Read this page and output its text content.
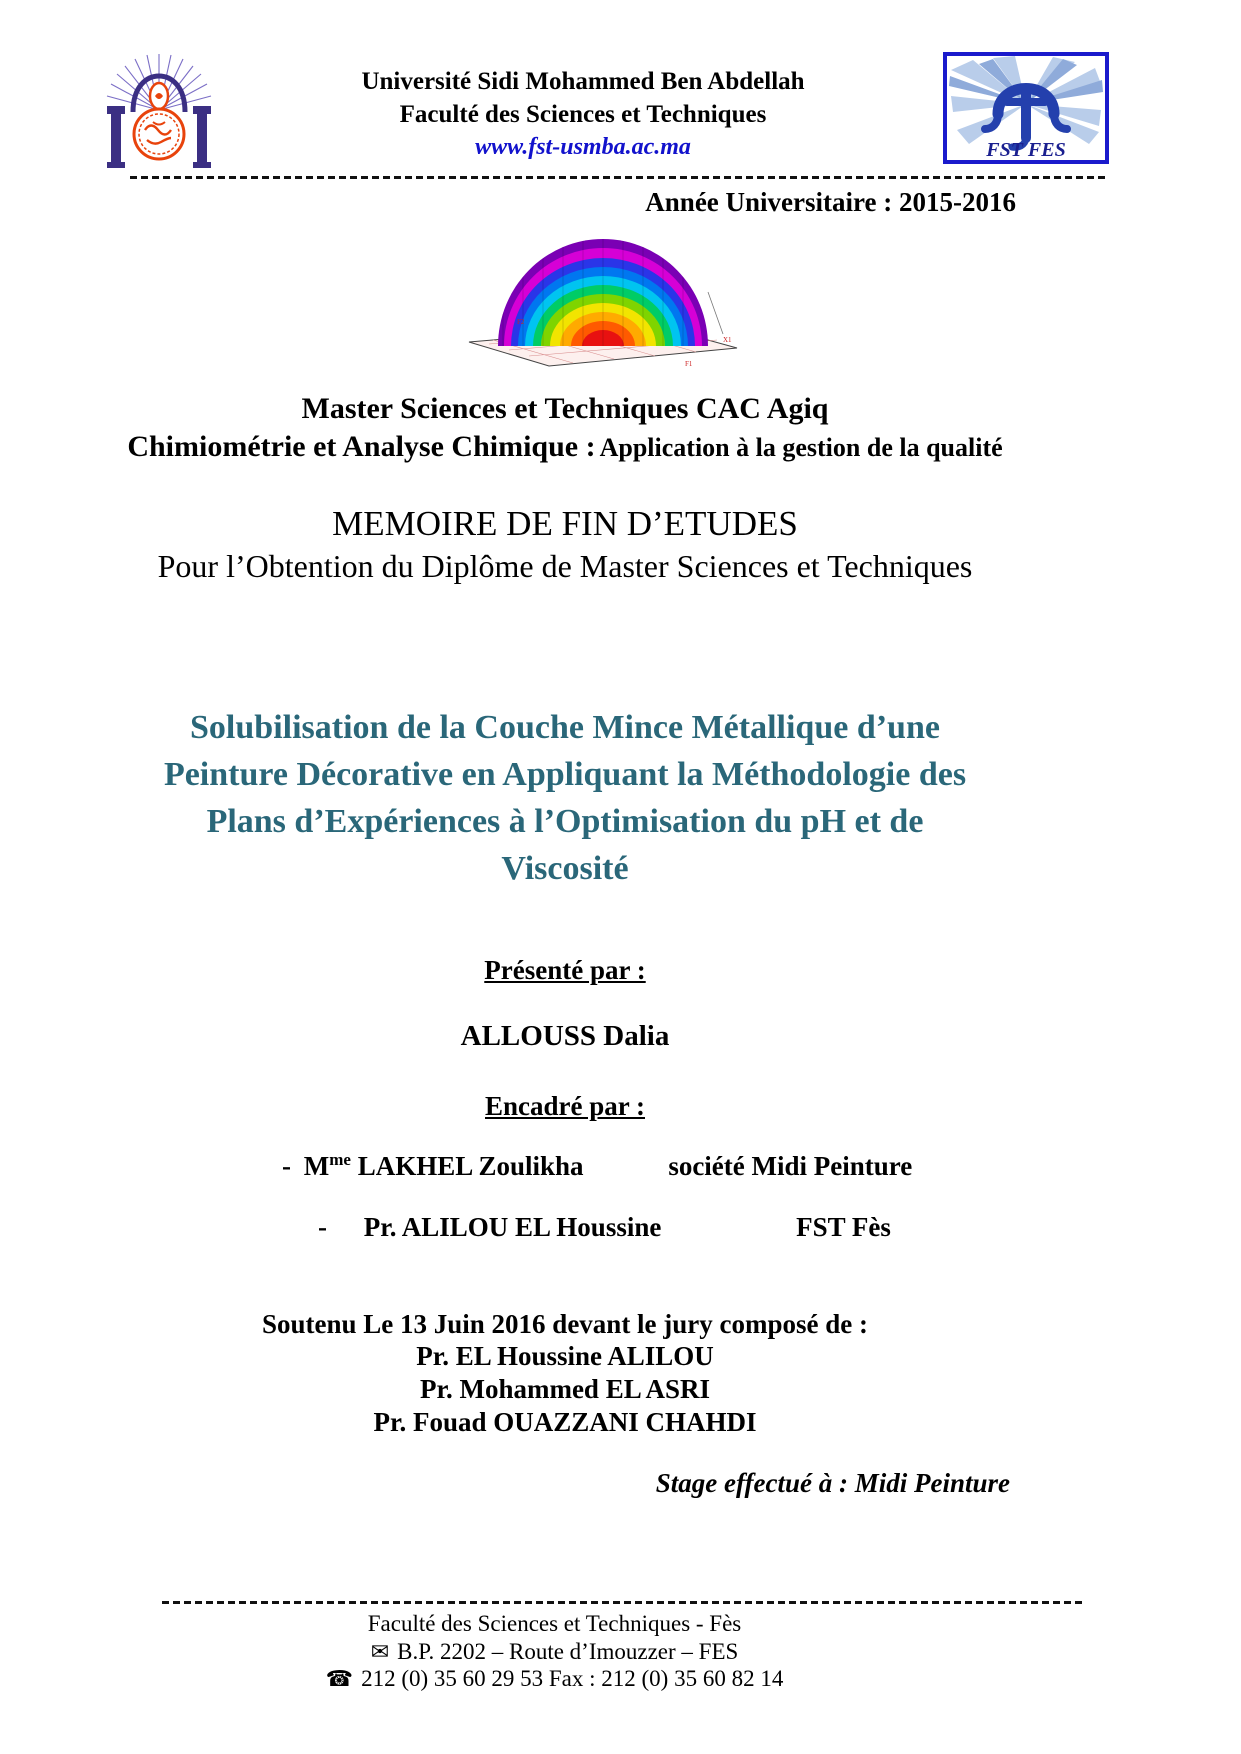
Université Sidi Mohammed Ben Abdellah
Faculté des Sciences et Techniques
www.fst-usmba.ac.ma	FST FES
Année Universitaire : 2015-2016
F2
X1
F1
Master Sciences et Techniques CAC Agiq
Chimiométrie et Analyse Chimique : Application à la gestion de la qualité
MEMOIRE DE FIN D’ETUDES
Pour l’Obtention du Diplôme de Master Sciences et Techniques
Solubilisation de la Couche Mince Métallique d’une
Peinture Décorative en Appliquant la Méthodologie des
Plans d’Expériences à l’Optimisation du pH et de
Viscosité
Présenté par :
ALLOUSS Dalia
Encadré par :
- $M^{me}$ LAKHEL Zoulikha	société Midi Peinture
- Pr. ALILOU EL Houssine	FST Fès
Soutenu Le 13 Juin 2016 devant le jury composé de :
Pr. EL Houssine ALILOU
Pr. Mohammed EL ASRI
Pr. Fouad OUAZZANI CHAHDI
Stage effectué à : Midi Peinture
Faculté des Sciences et Techniques - Fès
✉ B.P. 2202 – Route d’Imouzzer – FES
☎ 212 (0) 35 60 29 53 Fax : 212 (0) 35 60 82 14
